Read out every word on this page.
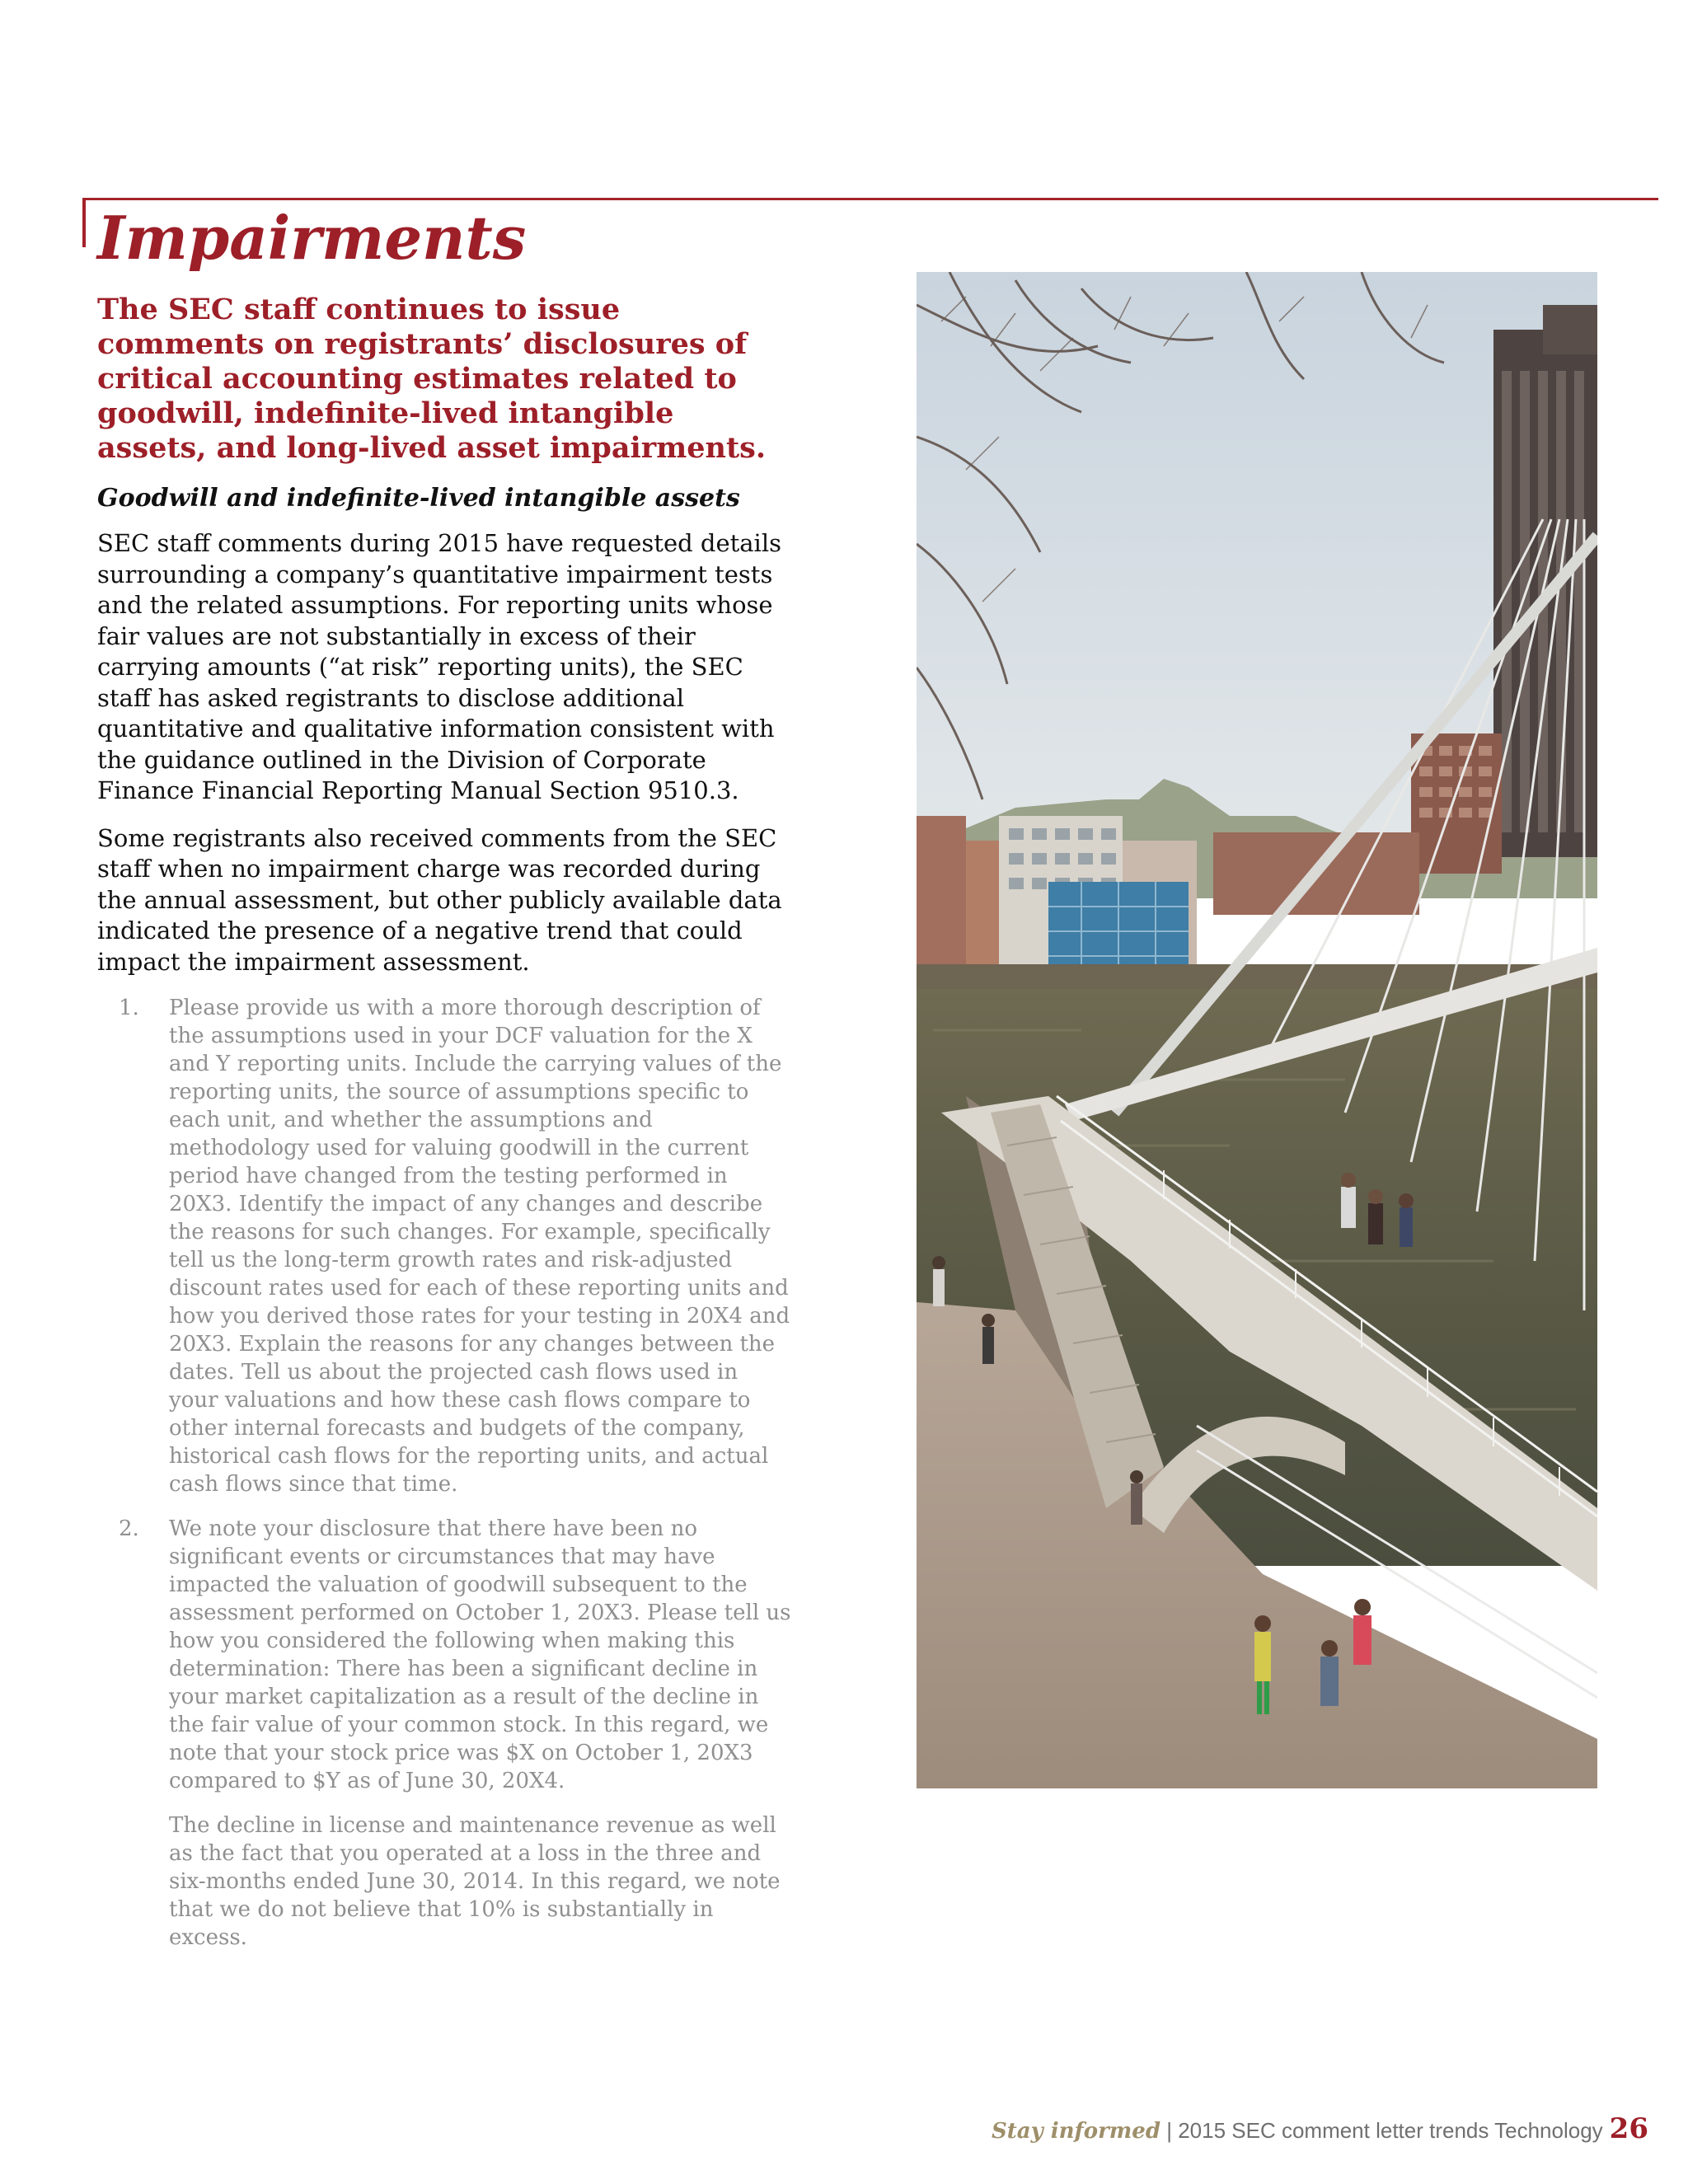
Impairments

The SEC staff continues to issue comments on registrants’ disclosures of critical accounting estimates related to goodwill, indefinite-lived intangible assets, and long-lived asset impairments.

Goodwill and indefinite-lived intangible assets

SEC staff comments during 2015 have requested details surrounding a company’s quantitative impairment tests and the related assumptions. For reporting units whose fair values are not substantially in excess of their carrying amounts (“at risk” reporting units), the SEC staff has asked registrants to disclose additional quantitative and qualitative information consistent with the guidance outlined in the Division of Corporate Finance Financial Reporting Manual Section 9510.3.

Some registrants also received comments from the SEC staff when no impairment charge was recorded during the annual assessment, but other publicly available data indicated the presence of a negative trend that could impact the impairment assessment.

1. Please provide us with a more thorough description of the assumptions used in your DCF valuation for the X and Y reporting units. Include the carrying values of the reporting units, the source of assumptions specific to each unit, and whether the assumptions and methodology used for valuing goodwill in the current period have changed from the testing performed in 20X3. Identify the impact of any changes and describe the reasons for such changes. For example, specifically tell us the long-term growth rates and risk-adjusted discount rates used for each of these reporting units and how you derived those rates for your testing in 20X4 and 20X3. Explain the reasons for any changes between the dates. Tell us about the projected cash flows used in your valuations and how these cash flows compare to other internal forecasts and budgets of the company, historical cash flows for the reporting units, and actual cash flows since that time.

2. We note your disclosure that there have been no significant events or circumstances that may have impacted the valuation of goodwill subsequent to the assessment performed on October 1, 20X3. Please tell us how you considered the following when making this determination: There has been a significant decline in your market capitalization as a result of the decline in the fair value of your common stock. In this regard, we note that your stock price was $X on October 1, 20X3 compared to $Y as of June 30, 20X4.

The decline in license and maintenance revenue as well as the fact that you operated at a loss in the three and six-months ended June 30, 2014. In this regard, we note that we do not believe that 10% is substantially in excess.

Stay informed | 2015 SEC comment letter trends Technology 26
